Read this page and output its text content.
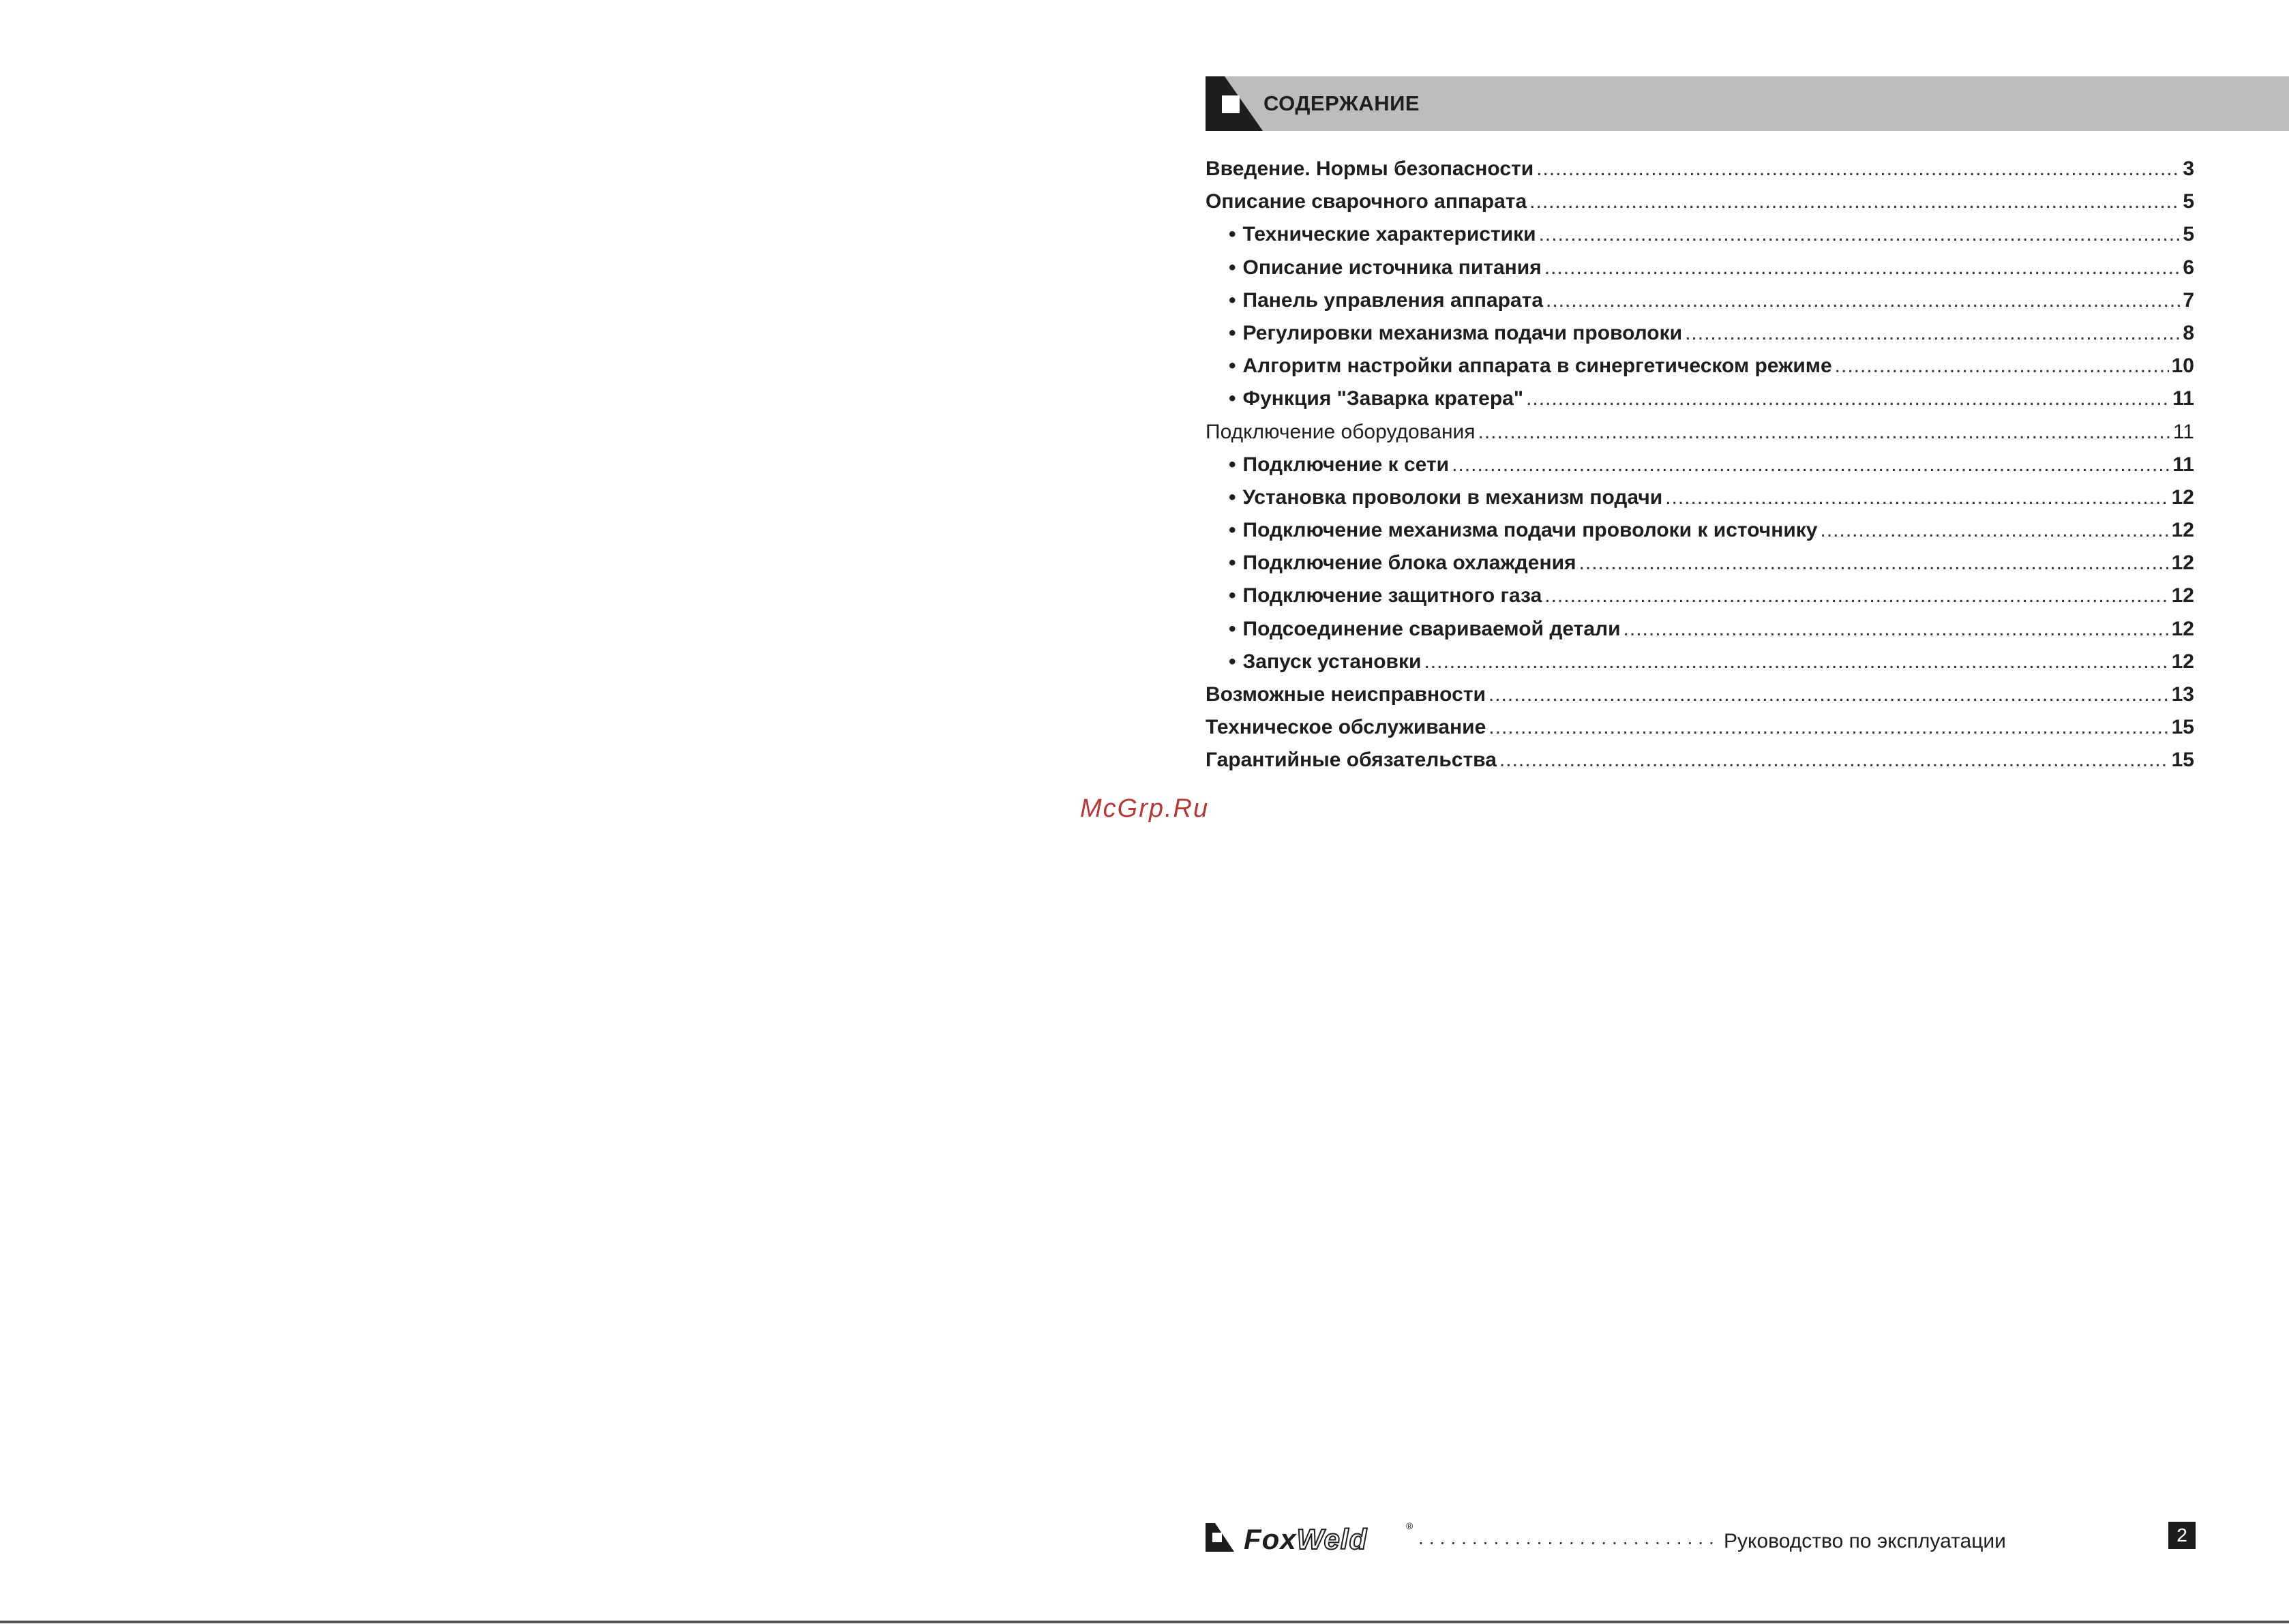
СОДЕРЖАНИЕ
Введение. Нормы безопасности .....	3
Описание сварочного аппарата .....	5
• Технические характеристики .....	5
• Описание источника питания .....	6
• Панель управления аппарата .....	7
• Регулировки механизма подачи проволоки .....	8
• Алгоритм настройки аппарата в синергетическом режиме .....	10
• Функция "Заварка кратера" .....	11
Подключение оборудования .....	11
• Подключение к сети .....	11
• Установка проволоки в механизм подачи .....	12
• Подключение механизма подачи проволоки к источнику .....	12
• Подключение блока охлаждения .....	12
• Подключение защитного газа .....	12
• Подсоединение свариваемой детали .....	12
• Запуск установки .....	12
Возможные неисправности .....	13
Техническое обслуживание .....	15
Гарантийные обязательства .....	15
McGrp.Ru
FoxWeld	®
.....
Руководство по эксплуатации	2
